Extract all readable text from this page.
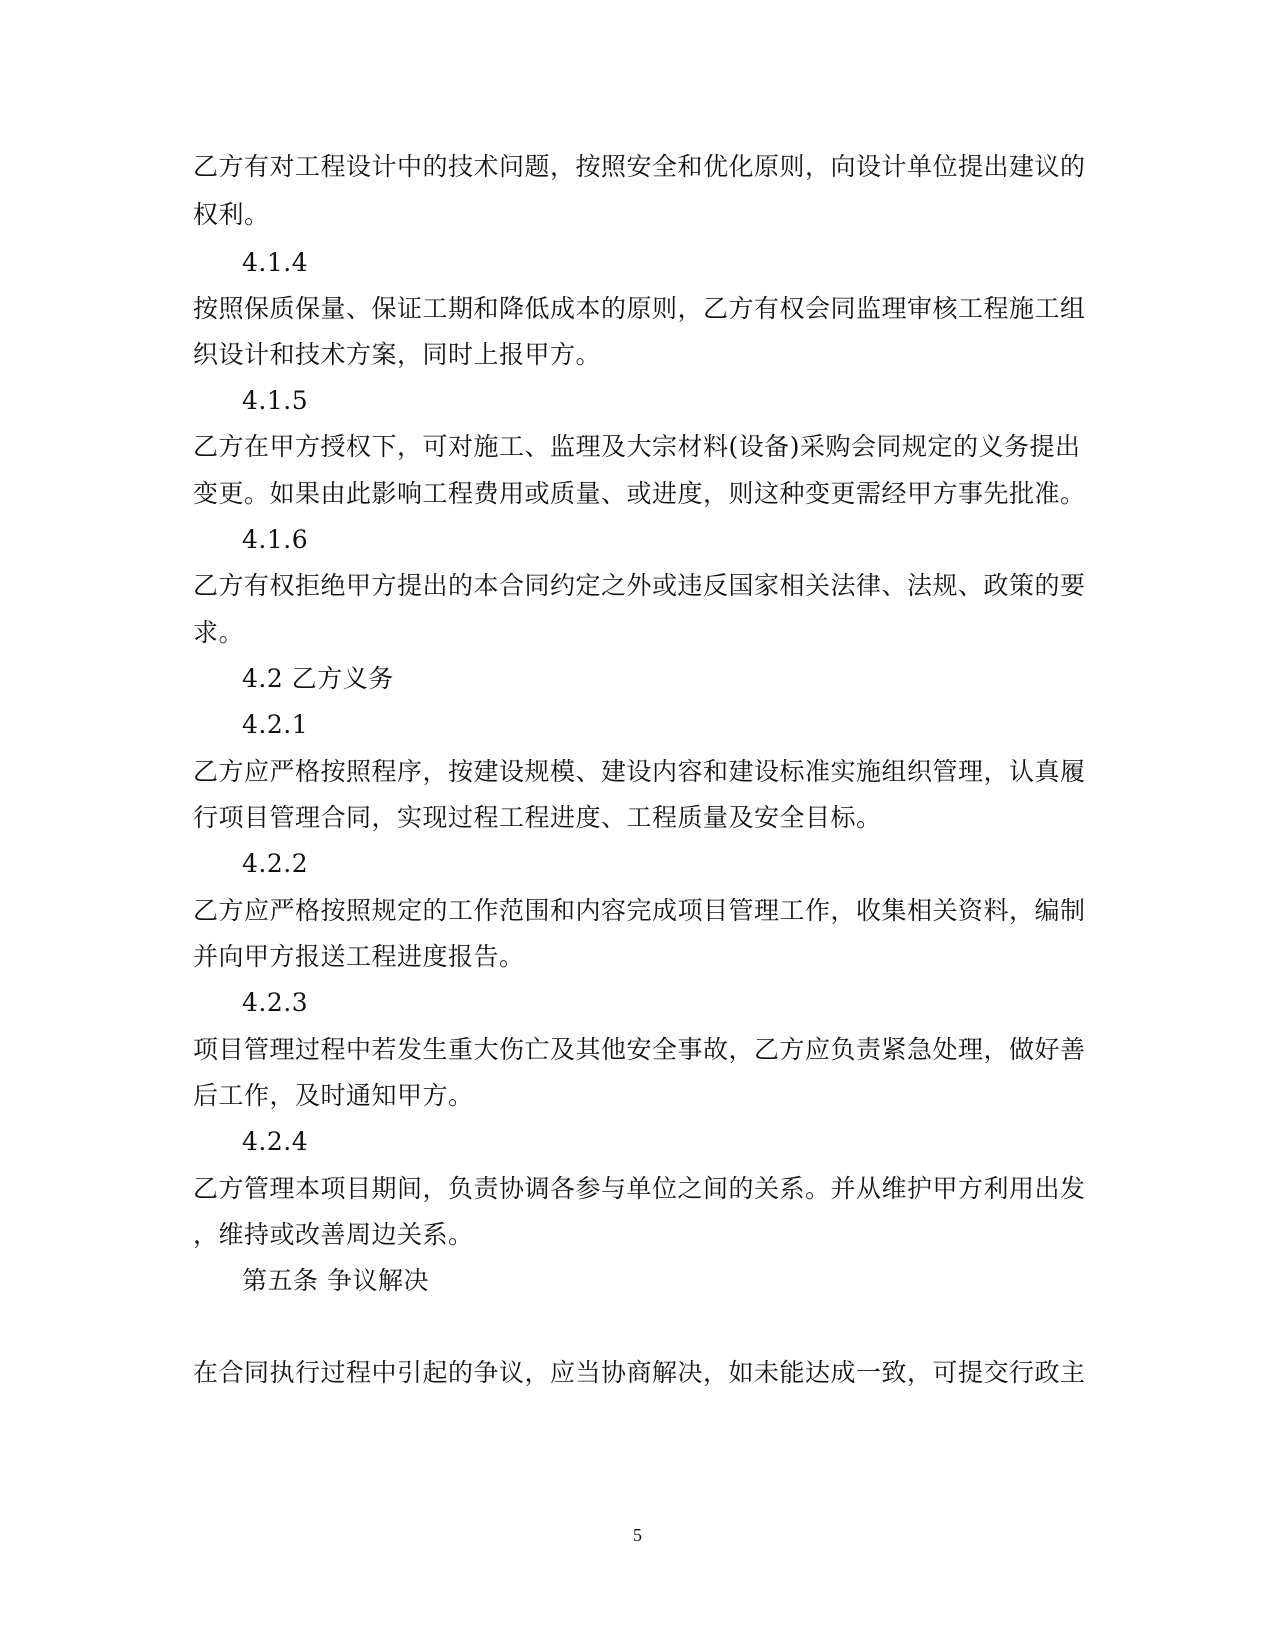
乙方有对工程设计中的技术问题，按照安全和优化原则，向设计单位提出建议的
权利。
4.1.4
按照保质保量、保证工期和降低成本的原则，乙方有权会同监理审核工程施工组
织设计和技术方案，同时上报甲方。
4.1.5
乙方在甲方授权下，可对施工、监理及大宗材料(设备)采购会同规定的义务提出
变更。如果由此影响工程费用或质量、或进度，则这种变更需经甲方事先批准。
4.1.6
乙方有权拒绝甲方提出的本合同约定之外或违反国家相关法律、法规、政策的要
求。
4.2 乙方义务
4.2.1
乙方应严格按照程序，按建设规模、建设内容和建设标准实施组织管理，认真履
行项目管理合同，实现过程工程进度、工程质量及安全目标。
4.2.2
乙方应严格按照规定的工作范围和内容完成项目管理工作，收集相关资料，编制
并向甲方报送工程进度报告。
4.2.3
项目管理过程中若发生重大伤亡及其他安全事故，乙方应负责紧急处理，做好善
后工作，及时通知甲方。
4.2.4
乙方管理本项目期间，负责协调各参与单位之间的关系。并从维护甲方利用出发
，维持或改善周边关系。
第五条 争议解决
在合同执行过程中引起的争议，应当协商解决，如未能达成一致，可提交行政主
5
